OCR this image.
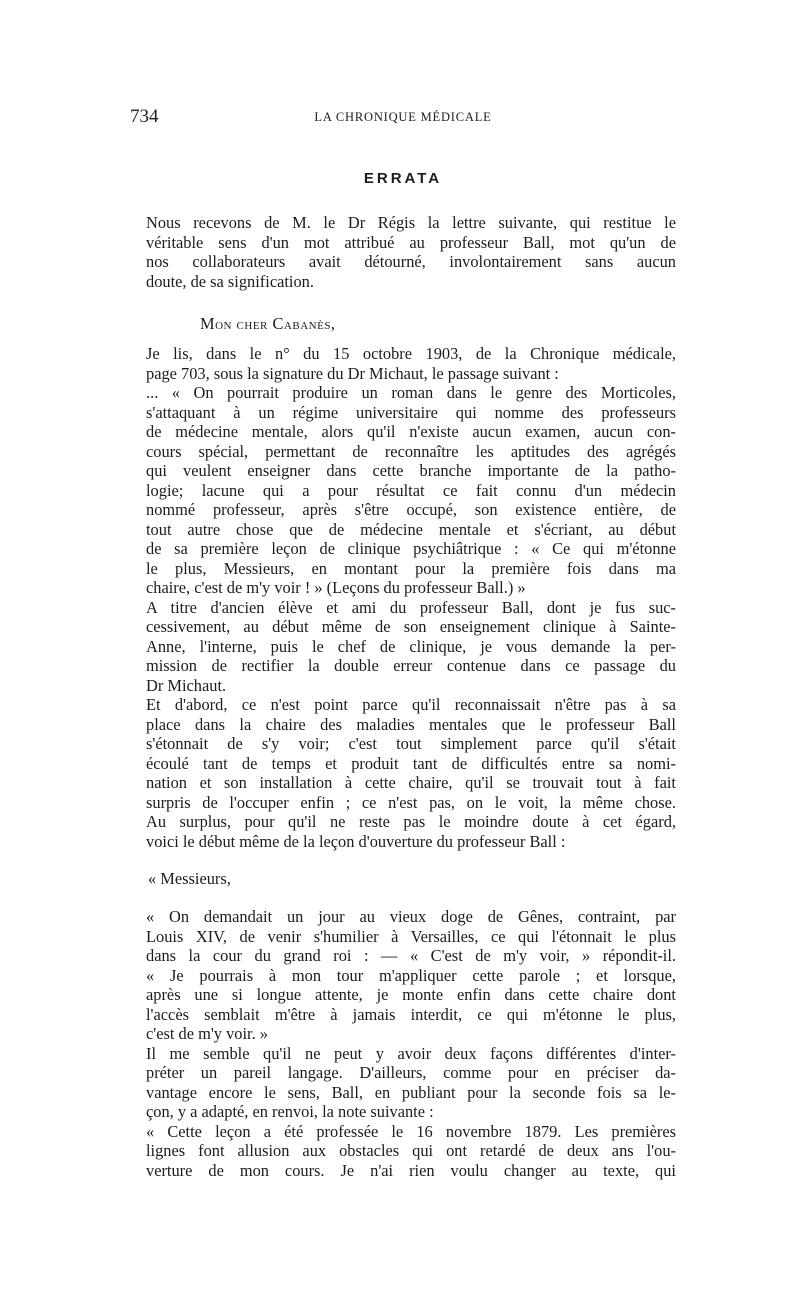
734	LA CHRONIQUE MÉDICALE
ERRATA

Nous recevons de M. le Dr Régis la lettre suivante, qui restitue le
véritable sens d'un mot attribué au professeur Ball, mot qu'un de
nos collaborateurs avait détourné, involontairement sans aucun
doute, de sa signification.

Mon cher Cabanès,

Je lis, dans le n° du 15 octobre 1903, de la Chronique médicale,
page 703, sous la signature du Dr Michaut, le passage suivant :

... « On pourrait produire un roman dans le genre des Morticoles,
s'attaquant à un régime universitaire qui nomme des professeurs
de médecine mentale, alors qu'il n'existe aucun examen, aucun con-
cours spécial, permettant de reconnaître les aptitudes des agrégés
qui veulent enseigner dans cette branche importante de la patho-
logie; lacune qui a pour résultat ce fait connu d'un médecin
nommé professeur, après s'être occupé, son existence entière, de
tout autre chose que de médecine mentale et s'écriant, au début
de sa première leçon de clinique psychiâtrique : « Ce qui m'étonne
le plus, Messieurs, en montant pour la première fois dans ma
chaire, c'est de m'y voir ! » (Leçons du professeur Ball.) »

A titre d'ancien élève et ami du professeur Ball, dont je fus suc-
cessivement, au début même de son enseignement clinique à Sainte-
Anne, l'interne, puis le chef de clinique, je vous demande la per-
mission de rectifier la double erreur contenue dans ce passage du
Dr Michaut.

Et d'abord, ce n'est point parce qu'il reconnaissait n'être pas à sa
place dans la chaire des maladies mentales que le professeur Ball
s'étonnait de s'y voir; c'est tout simplement parce qu'il s'était
écoulé tant de temps et produit tant de difficultés entre sa nomi-
nation et son installation à cette chaire, qu'il se trouvait tout à fait
surpris de l'occuper enfin ; ce n'est pas, on le voit, la même chose.

Au surplus, pour qu'il ne reste pas le moindre doute à cet égard,
voici le début même de la leçon d'ouverture du professeur Ball :

« Messieurs,

« On demandait un jour au vieux doge de Gênes, contraint, par
Louis XIV, de venir s'humilier à Versailles, ce qui l'étonnait le plus
dans la cour du grand roi : — « C'est de m'y voir, » répondit-il.

« Je pourrais à mon tour m'appliquer cette parole ; et lorsque,
après une si longue attente, je monte enfin dans cette chaire dont
l'accès semblait m'être à jamais interdit, ce qui m'étonne le plus,
c'est de m'y voir. »

Il me semble qu'il ne peut y avoir deux façons différentes d'inter-
préter un pareil langage. D'ailleurs, comme pour en préciser da-
vantage encore le sens, Ball, en publiant pour la seconde fois sa le-
çon, y a adapté, en renvoi, la note suivante :

« Cette leçon a été professée le 16 novembre 1879. Les premières
lignes font allusion aux obstacles qui ont retardé de deux ans l'ou-
verture de mon cours. Je n'ai rien voulu changer au texte, qui
